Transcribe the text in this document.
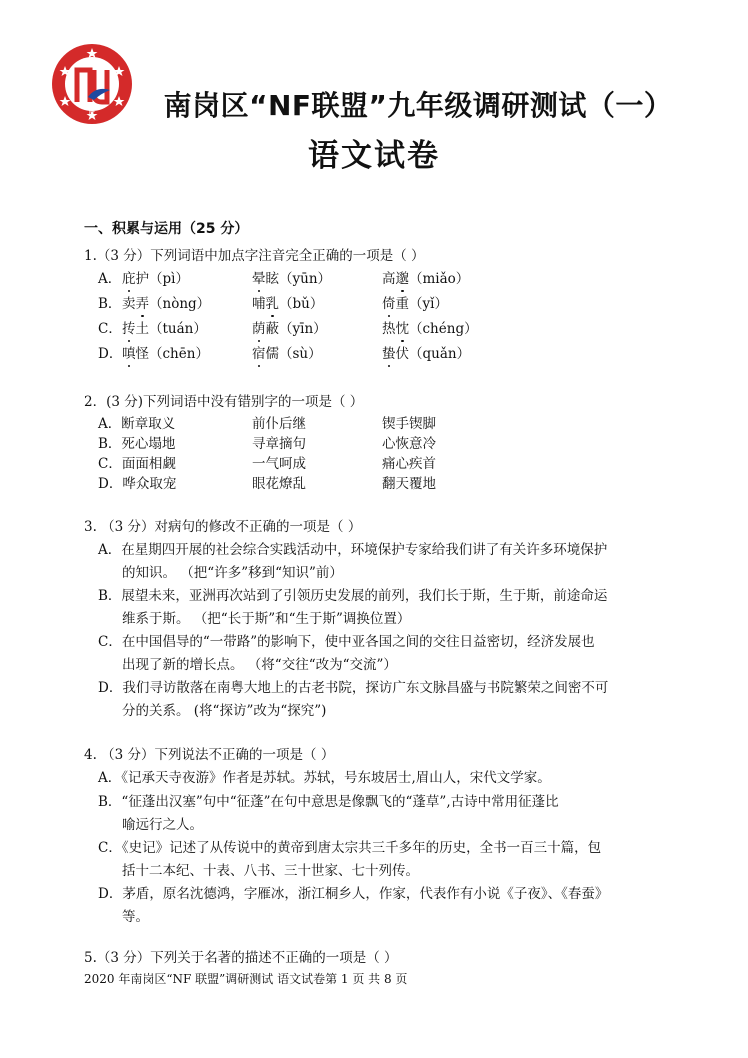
NF	南岗区“NF联盟”九年级调研测试（一）
语文试卷
一、积累与运用（25 分）
1.（3 分）下列词语中加点字注音完全正确的一项是（ ）
A． 庇护（pì）	晕眩（yūn）	高邈（miǎo）
B． 卖弄（nòng）	哺乳（bǔ）	倚重（yǐ）
C． 抟土（tuán）	荫蔽（yīn）	热忱（chéng）
D． 嗔怪（chēn）	宿儒（sù）	蛰伏（quǎn）
2．(3 分)下列词语中没有错别字的一项是（ ）
A．断章取义	前仆后继	锲手锲脚
B．死心塌地	寻章摘句	心恢意冷
C．面面相觑	一气呵成	痛心疾首
D．哗众取宠	眼花燎乱	翻天覆地
3. （3 分）对病句的修改不正确的一项是（ ）
A．在星期四开展的社会综合实践活动中，环境保护专家给我们讲了有关许多环境保护
的知识。 （把“许多”移到“知识”前）
B．展望未来，亚洲再次站到了引领历史发展的前列，我们长于斯，生于斯，前途命运
维系于斯。 （把“长于斯”和“生于斯”调换位置）
C．在中国倡导的“一带路”的影响下，使中亚各国之间的交往日益密切，经济发展也
出现了新的增长点。 （将“交往“改为“交流”）
D．我们寻访散落在南粤大地上的古老书院，探访广东文脉昌盛与书院繁荣之间密不可
分的关系。 (将“探访”改为“探究”)
4. （3 分）下列说法不正确的一项是（ ）
A．《记承天寺夜游》作者是苏轼。苏轼，号东坡居士,眉山人，宋代文学家。
B．“征蓬出汉塞”句中“征蓬”在句中意思是像飘飞的“蓬草”,古诗中常用征蓬比
喻远行之人。
C．《史记》记述了从传说中的黄帝到唐太宗共三千多年的历史，全书一百三十篇，包
括十二本纪、十表、八书、三十世家、七十列传。
D．茅盾，原名沈德鸿，字雁冰，浙江桐乡人，作家，代表作有小说《子夜》、《春蚕》
等。
5.（3 分）下列关于名著的描述不正确的一项是（ ）
2020 年南岗区“NF 联盟”调研测试 语文试卷第 1 页 共 8 页
